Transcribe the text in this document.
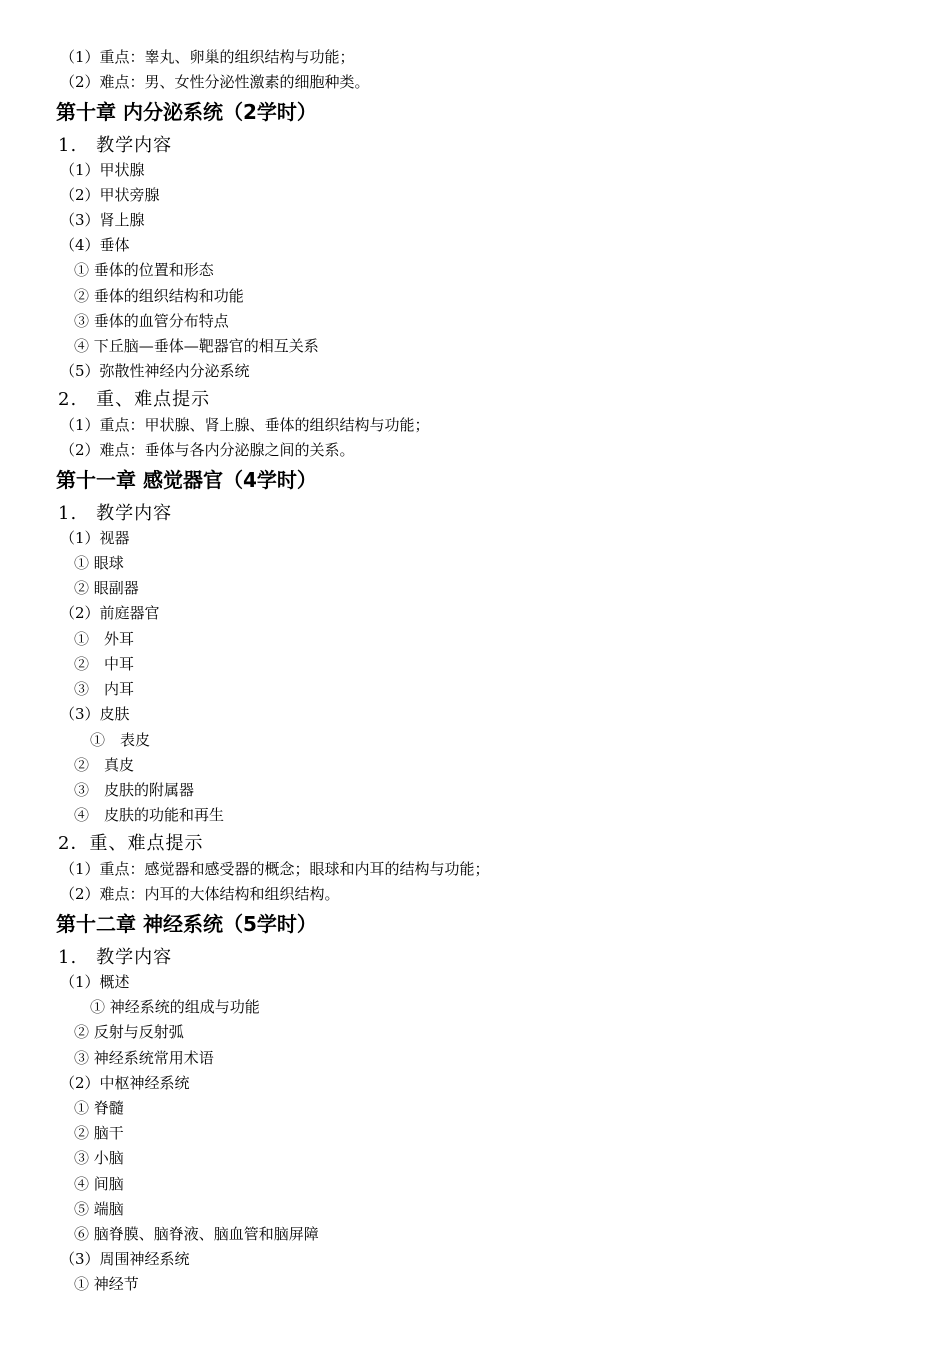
（1）重点：睾丸、卵巢的组织结构与功能；
（2）难点：男、女性分泌性激素的细胞种类。
第十章 内分泌系统（2学时）
1.　教学内容
（1）甲状腺
（2）甲状旁腺
（3）肾上腺
（4）垂体
① 垂体的位置和形态
② 垂体的组织结构和功能
③ 垂体的血管分布特点
④ 下丘脑—垂体—靶器官的相互关系
（5）弥散性神经内分泌系统
2.　重、难点提示
（1）重点：甲状腺、肾上腺、垂体的组织结构与功能；
（2）难点：垂体与各内分泌腺之间的关系。
第十一章 感觉器官（4学时）
1.　教学内容
（1）视器
① 眼球
② 眼副器
（2）前庭器官
①　外耳
②　中耳
③　内耳
（3）皮肤
①　表皮
②　真皮
③　皮肤的附属器
④　皮肤的功能和再生
2．重、难点提示
（1）重点：感觉器和感受器的概念；眼球和内耳的结构与功能；
（2）难点：内耳的大体结构和组织结构。
第十二章 神经系统（5学时）
1.　教学内容
（1）概述
① 神经系统的组成与功能
② 反射与反射弧
③ 神经系统常用术语
（2）中枢神经系统
① 脊髓
② 脑干
③ 小脑
④ 间脑
⑤ 端脑
⑥ 脑脊膜、脑脊液、脑血管和脑屏障
（3）周围神经系统
① 神经节
